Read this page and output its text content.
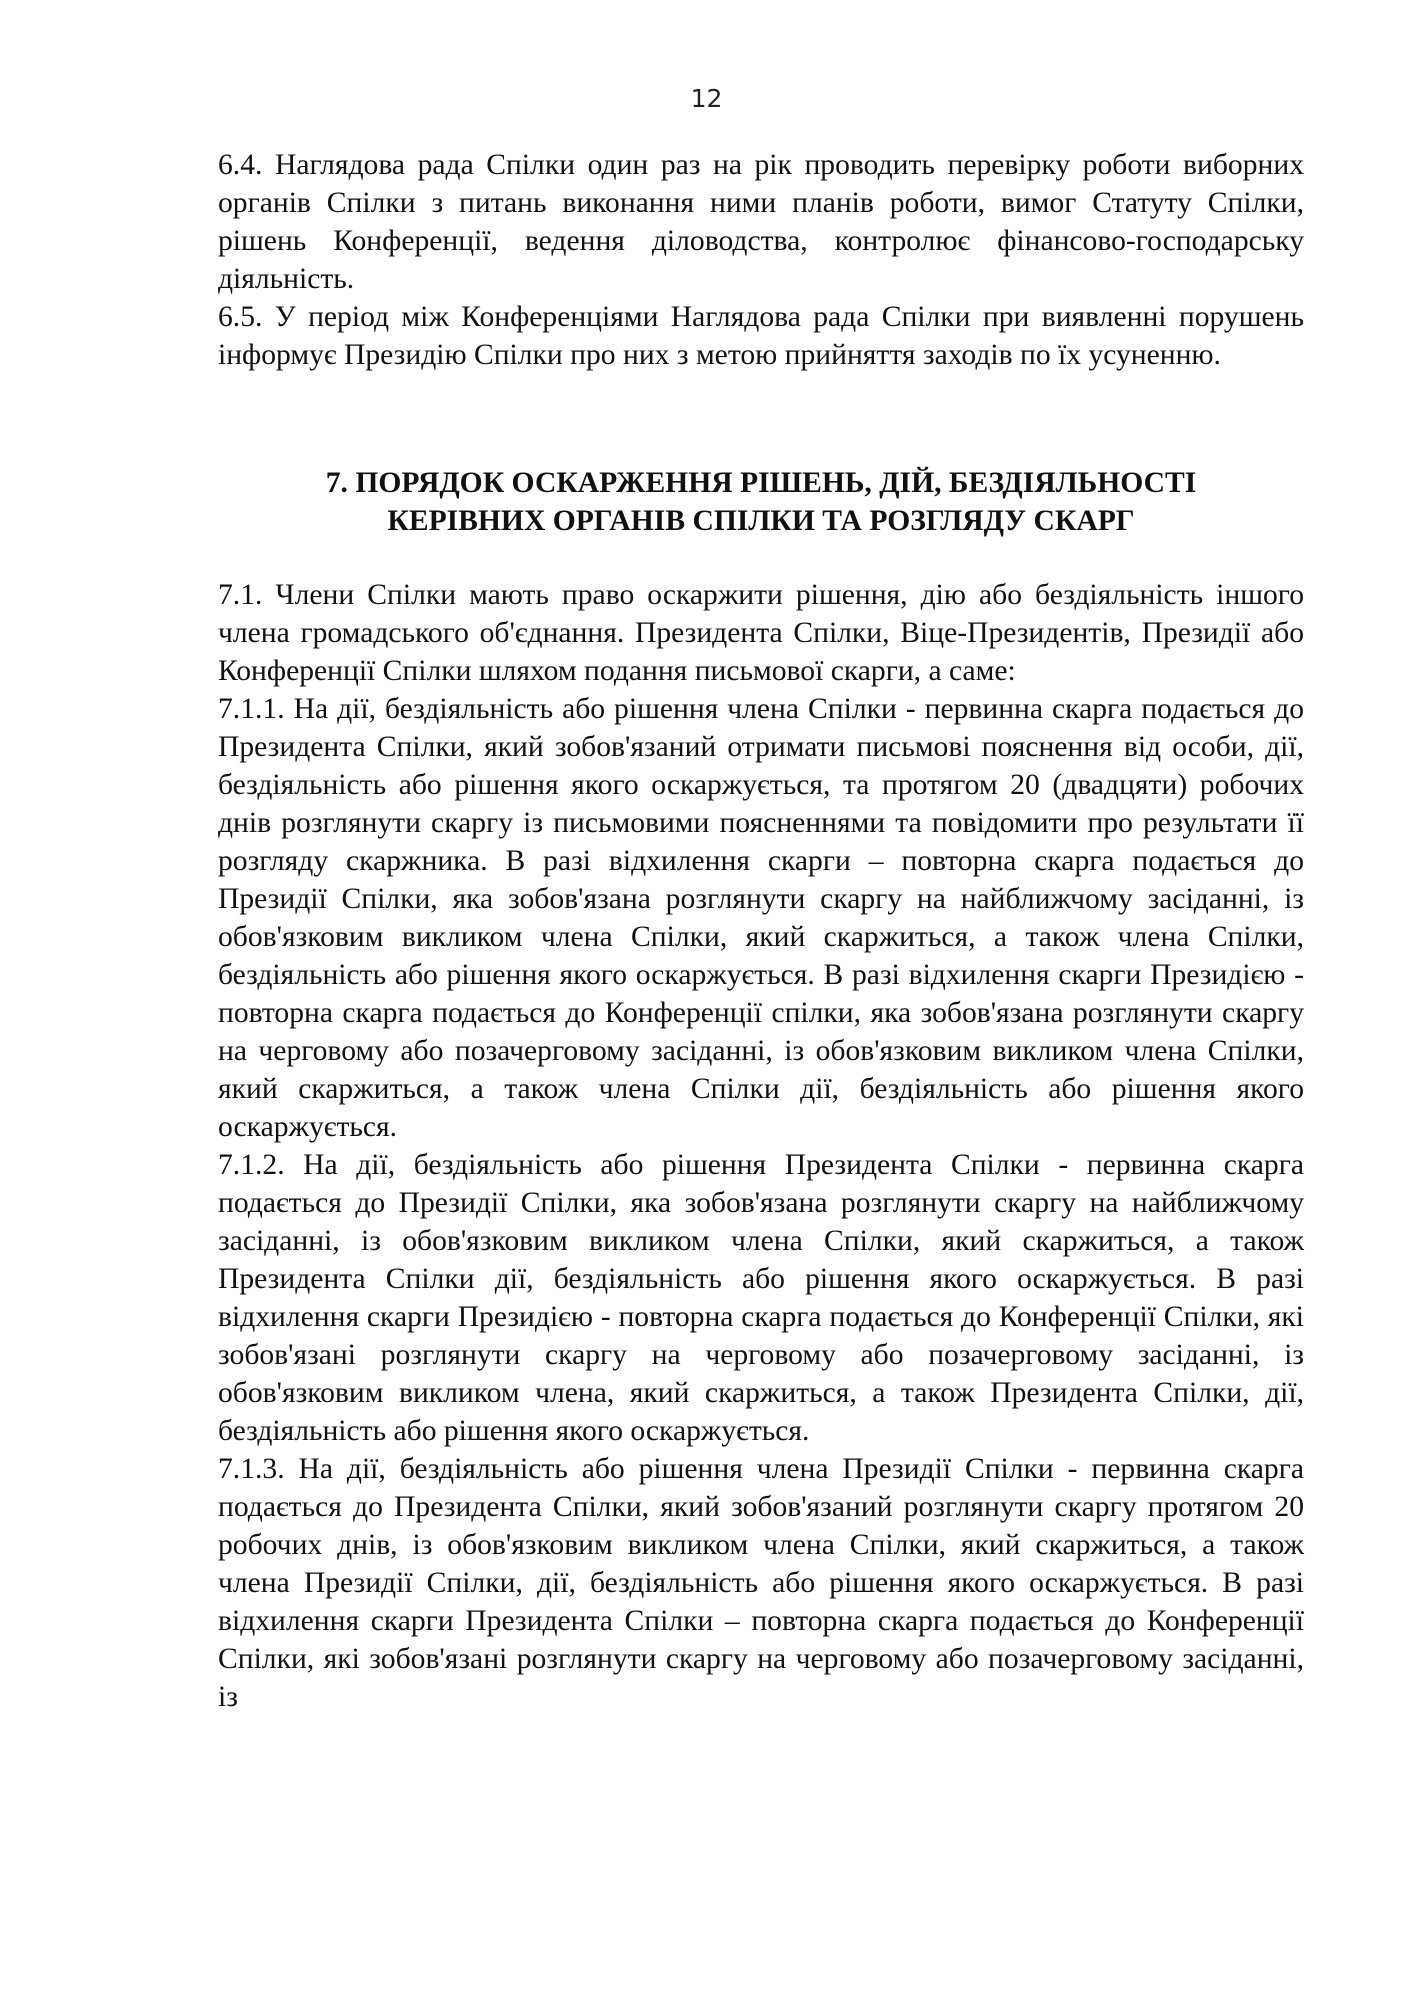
12

6.4. Наглядова рада Спілки один раз на рік проводить перевірку роботи виборних органів Спілки з питань виконання ними планів роботи, вимог Статуту Спілки, рішень Конференції, ведення діловодства, контролює фінансово-господарську діяльність.

6.5. У період між Конференціями Наглядова рада Спілки при виявленні порушень інформує Президію Спілки про них з метою прийняття заходів по їх усуненню.

7. ПОРЯДОК ОСКАРЖЕННЯ РІШЕНЬ, ДІЙ, БЕЗДІЯЛЬНОСТІ
КЕРІВНИХ ОРГАНІВ СПІЛКИ ТА РОЗГЛЯДУ СКАРГ

7.1. Члени Спілки мають право оскаржити рішення, дію або бездіяльність іншого члена громадського об'єднання. Президента Спілки, Віце-Президентів, Президії або Конференції Спілки шляхом подання письмової скарги, а саме:

7.1.1. На дії, бездіяльність або рішення члена Спілки - первинна скарга подається до Президента Спілки, який зобов'язаний отримати письмові пояснення від особи, дії, бездіяльність або рішення якого оскаржується, та протягом 20 (двадцяти) робочих днів розглянути скаргу із письмовими поясненнями та повідомити про результати її розгляду скаржника. В разі відхилення скарги – повторна скарга подається до Президії Спілки, яка зобов'язана розглянути скаргу на найближчому засіданні, із обов'язковим викликом члена Спілки, який скаржиться, а також члена Спілки, бездіяльність або рішення якого оскаржується. В разі відхилення скарги Президією - повторна скарга подається до Конференції спілки, яка зобов'язана розглянути скаргу на черговому або позачерговому засіданні, із обов'язковим викликом члена Спілки, який скаржиться, а також члена Спілки дії, бездіяльність або рішення якого оскаржується.

7.1.2. На дії, бездіяльність або рішення Президента Спілки - первинна скарга подається до Президії Спілки, яка зобов'язана розглянути скаргу на найближчому засіданні, із обов'язковим викликом члена Спілки, який скаржиться, а також Президента Спілки дії, бездіяльність або рішення якого оскаржується. В разі відхилення скарги Президією - повторна скарга подається до Конференції Спілки, які зобов'язані розглянути скаргу на черговому або позачерговому засіданні, із обов'язковим викликом члена, який скаржиться, а також Президента Спілки, дії, бездіяльність або рішення якого оскаржується.

7.1.3. На дії, бездіяльність або рішення члена Президії Спілки - первинна скарга подається до Президента Спілки, який зобов'язаний розглянути скаргу протягом 20 робочих днів, із обов'язковим викликом члена Спілки, який скаржиться, а також члена Президії Спілки, дії, бездіяльність або рішення якого оскаржується. В разі відхилення скарги Президента Спілки – повторна скарга подається до Конференції Спілки, які зобов'язані розглянути скаргу на черговому або позачерговому засіданні, із
